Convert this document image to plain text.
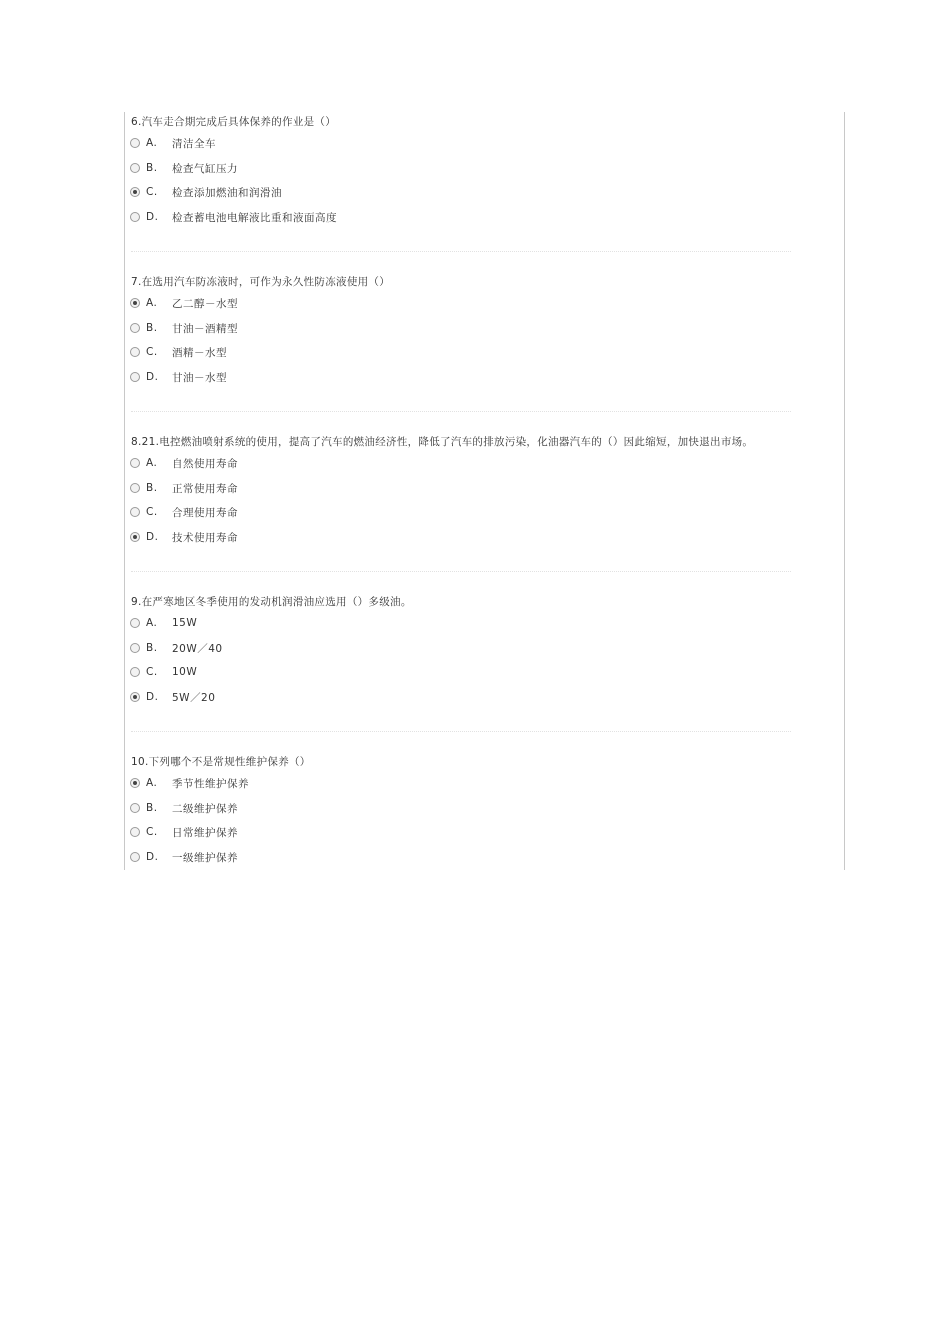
6.汽车走合期完成后具体保养的作业是（）
A.	清洁全车
B.	检查气缸压力
C.	检查添加燃油和润滑油
D.	检查蓄电池电解液比重和液面高度
7.在选用汽车防冻液时，可作为永久性防冻液使用（）
A.	乙二醇－水型
B.	甘油－酒精型
C.	酒精－水型
D.	甘油－水型
8.21.电控燃油喷射系统的使用，提高了汽车的燃油经济性，降低了汽车的排放污染，化油器汽车的（）因此缩短，加快退出市场。
A.	自然使用寿命
B.	正常使用寿命
C.	合理使用寿命
D.	技术使用寿命
9.在严寒地区冬季使用的发动机润滑油应选用（）多级油。
A.	15W
B.	20W／40
C.	10W
D.	5W／20
10.下列哪个不是常规性维护保养（）
A.	季节性维护保养
B.	二级维护保养
C.	日常维护保养
D.	一级维护保养
